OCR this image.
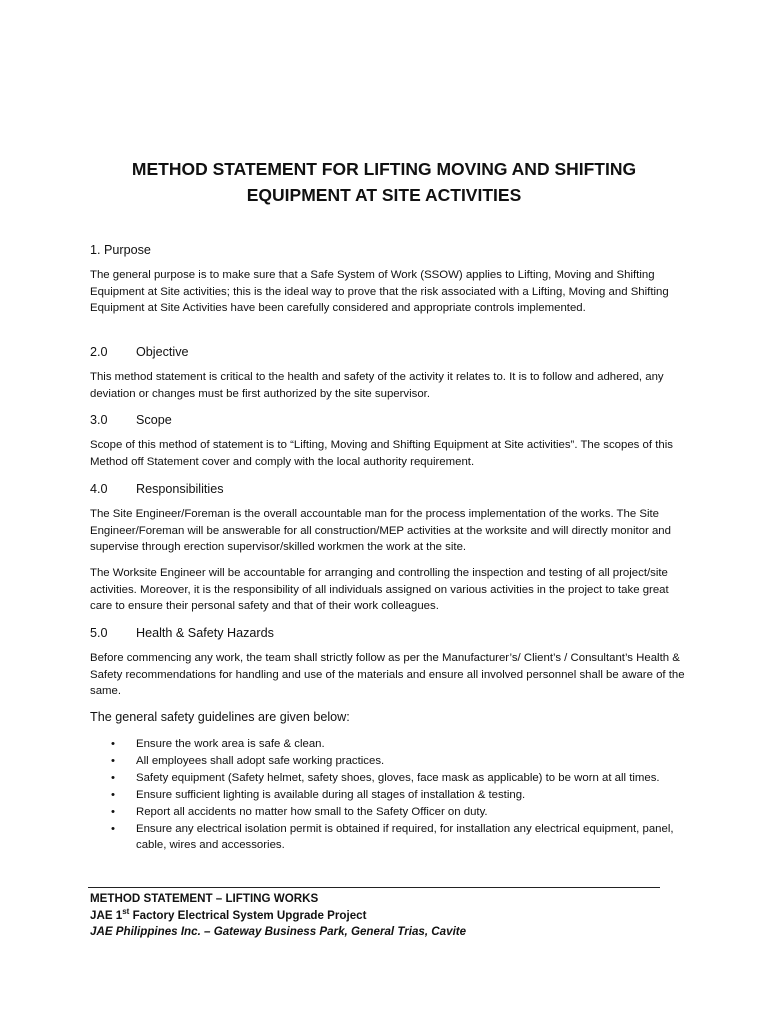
METHOD STATEMENT FOR LIFTING MOVING AND SHIFTING
EQUIPMENT AT SITE ACTIVITIES
1. Purpose
The general purpose is to make sure that a Safe System of Work (SSOW) applies to Lifting, Moving and Shifting Equipment at Site activities; this is the ideal way to prove that the risk associated with a Lifting, Moving and Shifting Equipment at Site Activities have been carefully considered and appropriate controls implemented.
2.0 Objective
This method statement is critical to the health and safety of the activity it relates to. It is to follow and adhered, any deviation or changes must be first authorized by the site supervisor.
3.0 Scope
Scope of this method of statement is to “Lifting, Moving and Shifting Equipment at Site activities”. The scopes of this Method off Statement cover and comply with the local authority requirement.
4.0 Responsibilities
The Site Engineer/Foreman is the overall accountable man for the process implementation of the works. The Site Engineer/Foreman will be answerable for all construction/MEP activities at the worksite and will directly monitor and supervise through erection supervisor/skilled workmen the work at the site.
The Worksite Engineer will be accountable for arranging and controlling the inspection and testing of all project/site activities. Moreover, it is the responsibility of all individuals assigned on various activities in the project to take great care to ensure their personal safety and that of their work colleagues.
5.0 Health & Safety Hazards
Before commencing any work, the team shall strictly follow as per the Manufacturer’s/ Client’s / Consultant’s Health & Safety recommendations for handling and use of the materials and ensure all involved personnel shall be aware of the same.
The general safety guidelines are given below:
• Ensure the work area is safe & clean.
• All employees shall adopt safe working practices.
• Safety equipment (Safety helmet, safety shoes, gloves, face mask as applicable) to be worn at all times.
• Ensure sufficient lighting is available during all stages of installation & testing.
• Report all accidents no matter how small to the Safety Officer on duty.
• Ensure any electrical isolation permit is obtained if required, for installation any electrical equipment, panel, cable, wires and accessories.
METHOD STATEMENT – LIFTING WORKS
JAE 1st Factory Electrical System Upgrade Project
JAE Philippines Inc. – Gateway Business Park, General Trias, Cavite
